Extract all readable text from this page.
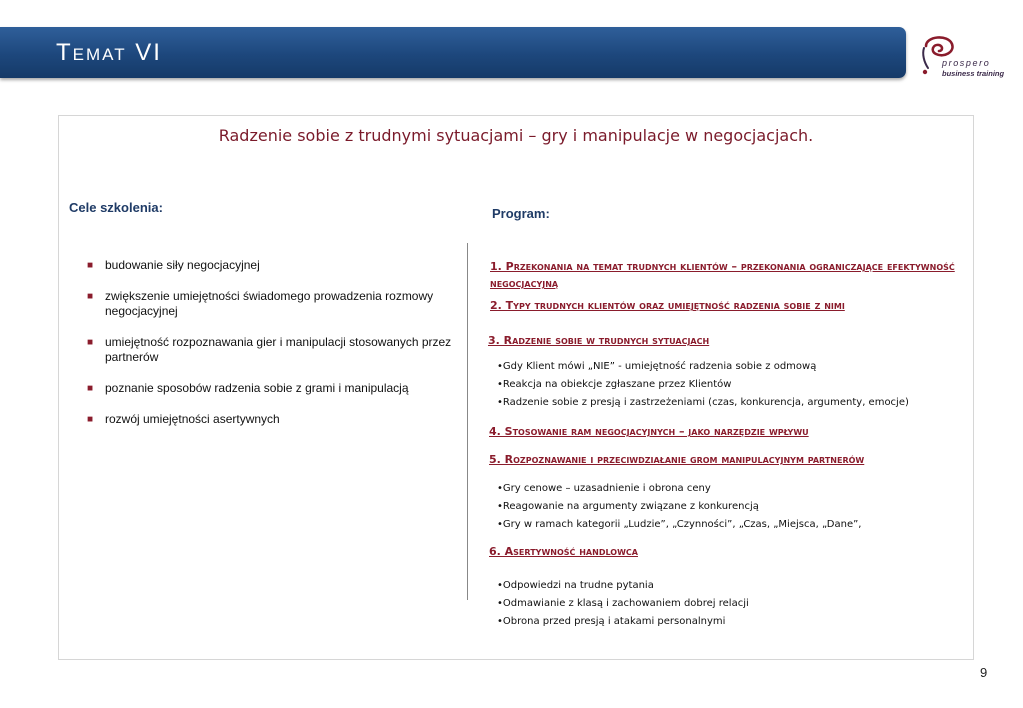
Temat VI	prospero
business training
Radzenie sobie z trudnymi sytuacjami – gry i manipulacje w negocjacjach.
Cele szkolenia:	Program:
■ budowanie siły negocjacyjnej
■ zwiększenie umiejętności świadomego prowadzenia rozmowy negocjacyjnej
■ umiejętność rozpoznawania gier i manipulacji stosowanych przez partnerów
■ poznanie sposobów radzenia sobie z grami i manipulacją
■ rozwój umiejętności asertywnych
1. Przekonania na temat trudnych klientów – przekonania ograniczające efektywność negocjacyjną
2. Typy trudnych klientów oraz umiejętność radzenia sobie z nimi
3. Radzenie sobie w trudnych sytuacjach
•Gdy Klient mówi „NIE” - umiejętność radzenia sobie z odmową
•Reakcja na obiekcje zgłaszane przez Klientów
•Radzenie sobie z presją i zastrzeżeniami (czas, konkurencja, argumenty, emocje)
4. Stosowanie ram negocjacyjnych – jako narzędzie wpływu
5. Rozpoznawanie i przeciwdziałanie grom manipulacyjnym partnerów
•Gry cenowe – uzasadnienie i obrona ceny
•Reagowanie na argumenty związane z konkurencją
•Gry w ramach kategorii „Ludzie”, „Czynności”, „Czas, „Miejsca, „Dane”,
6. Asertywność handlowca
•Odpowiedzi na trudne pytania
•Odmawianie z klasą i zachowaniem dobrej relacji
•Obrona przed presją i atakami personalnymi
9
